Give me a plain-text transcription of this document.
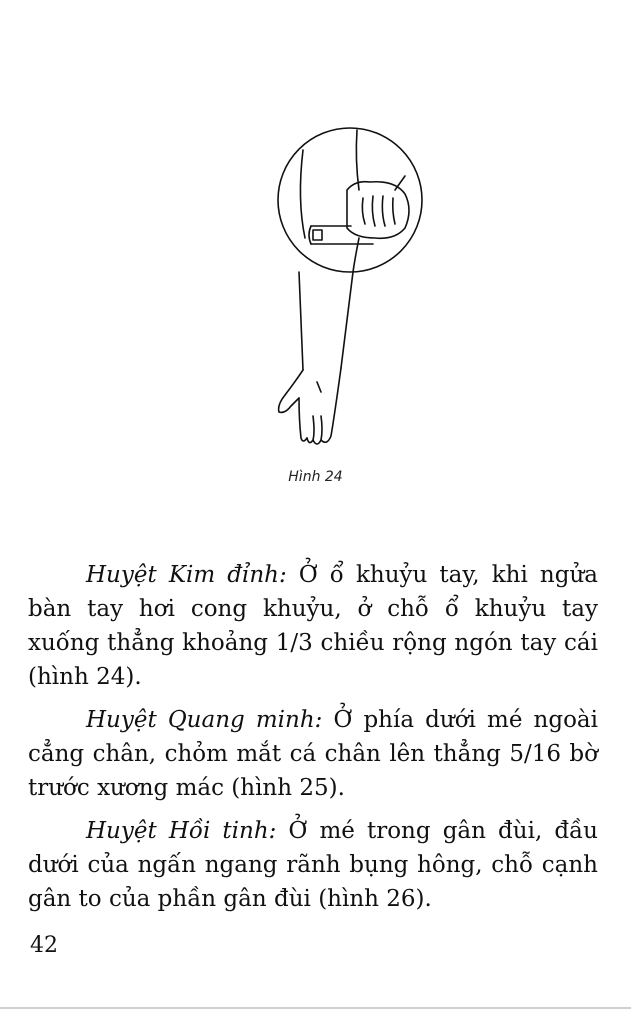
Hình 24

Huyệt Kim đỉnh: Ở ổ khuỷu tay, khi ngửa bàn tay hơi cong khuỷu, ở chỗ ổ khuỷu tay xuống thẳng khoảng 1/3 chiều rộng ngón tay cái (hình 24).

Huyệt Quang minh: Ở phía dưới mé ngoài cẳng chân, chỏm mắt cá chân lên thẳng 5/16 bờ trước xương mác (hình 25).

Huyệt Hồi tinh: Ở mé trong gân đùi, đầu dưới của ngấn ngang rãnh bụng hông, chỗ cạnh gân to của phần gân đùi (hình 26).

42
